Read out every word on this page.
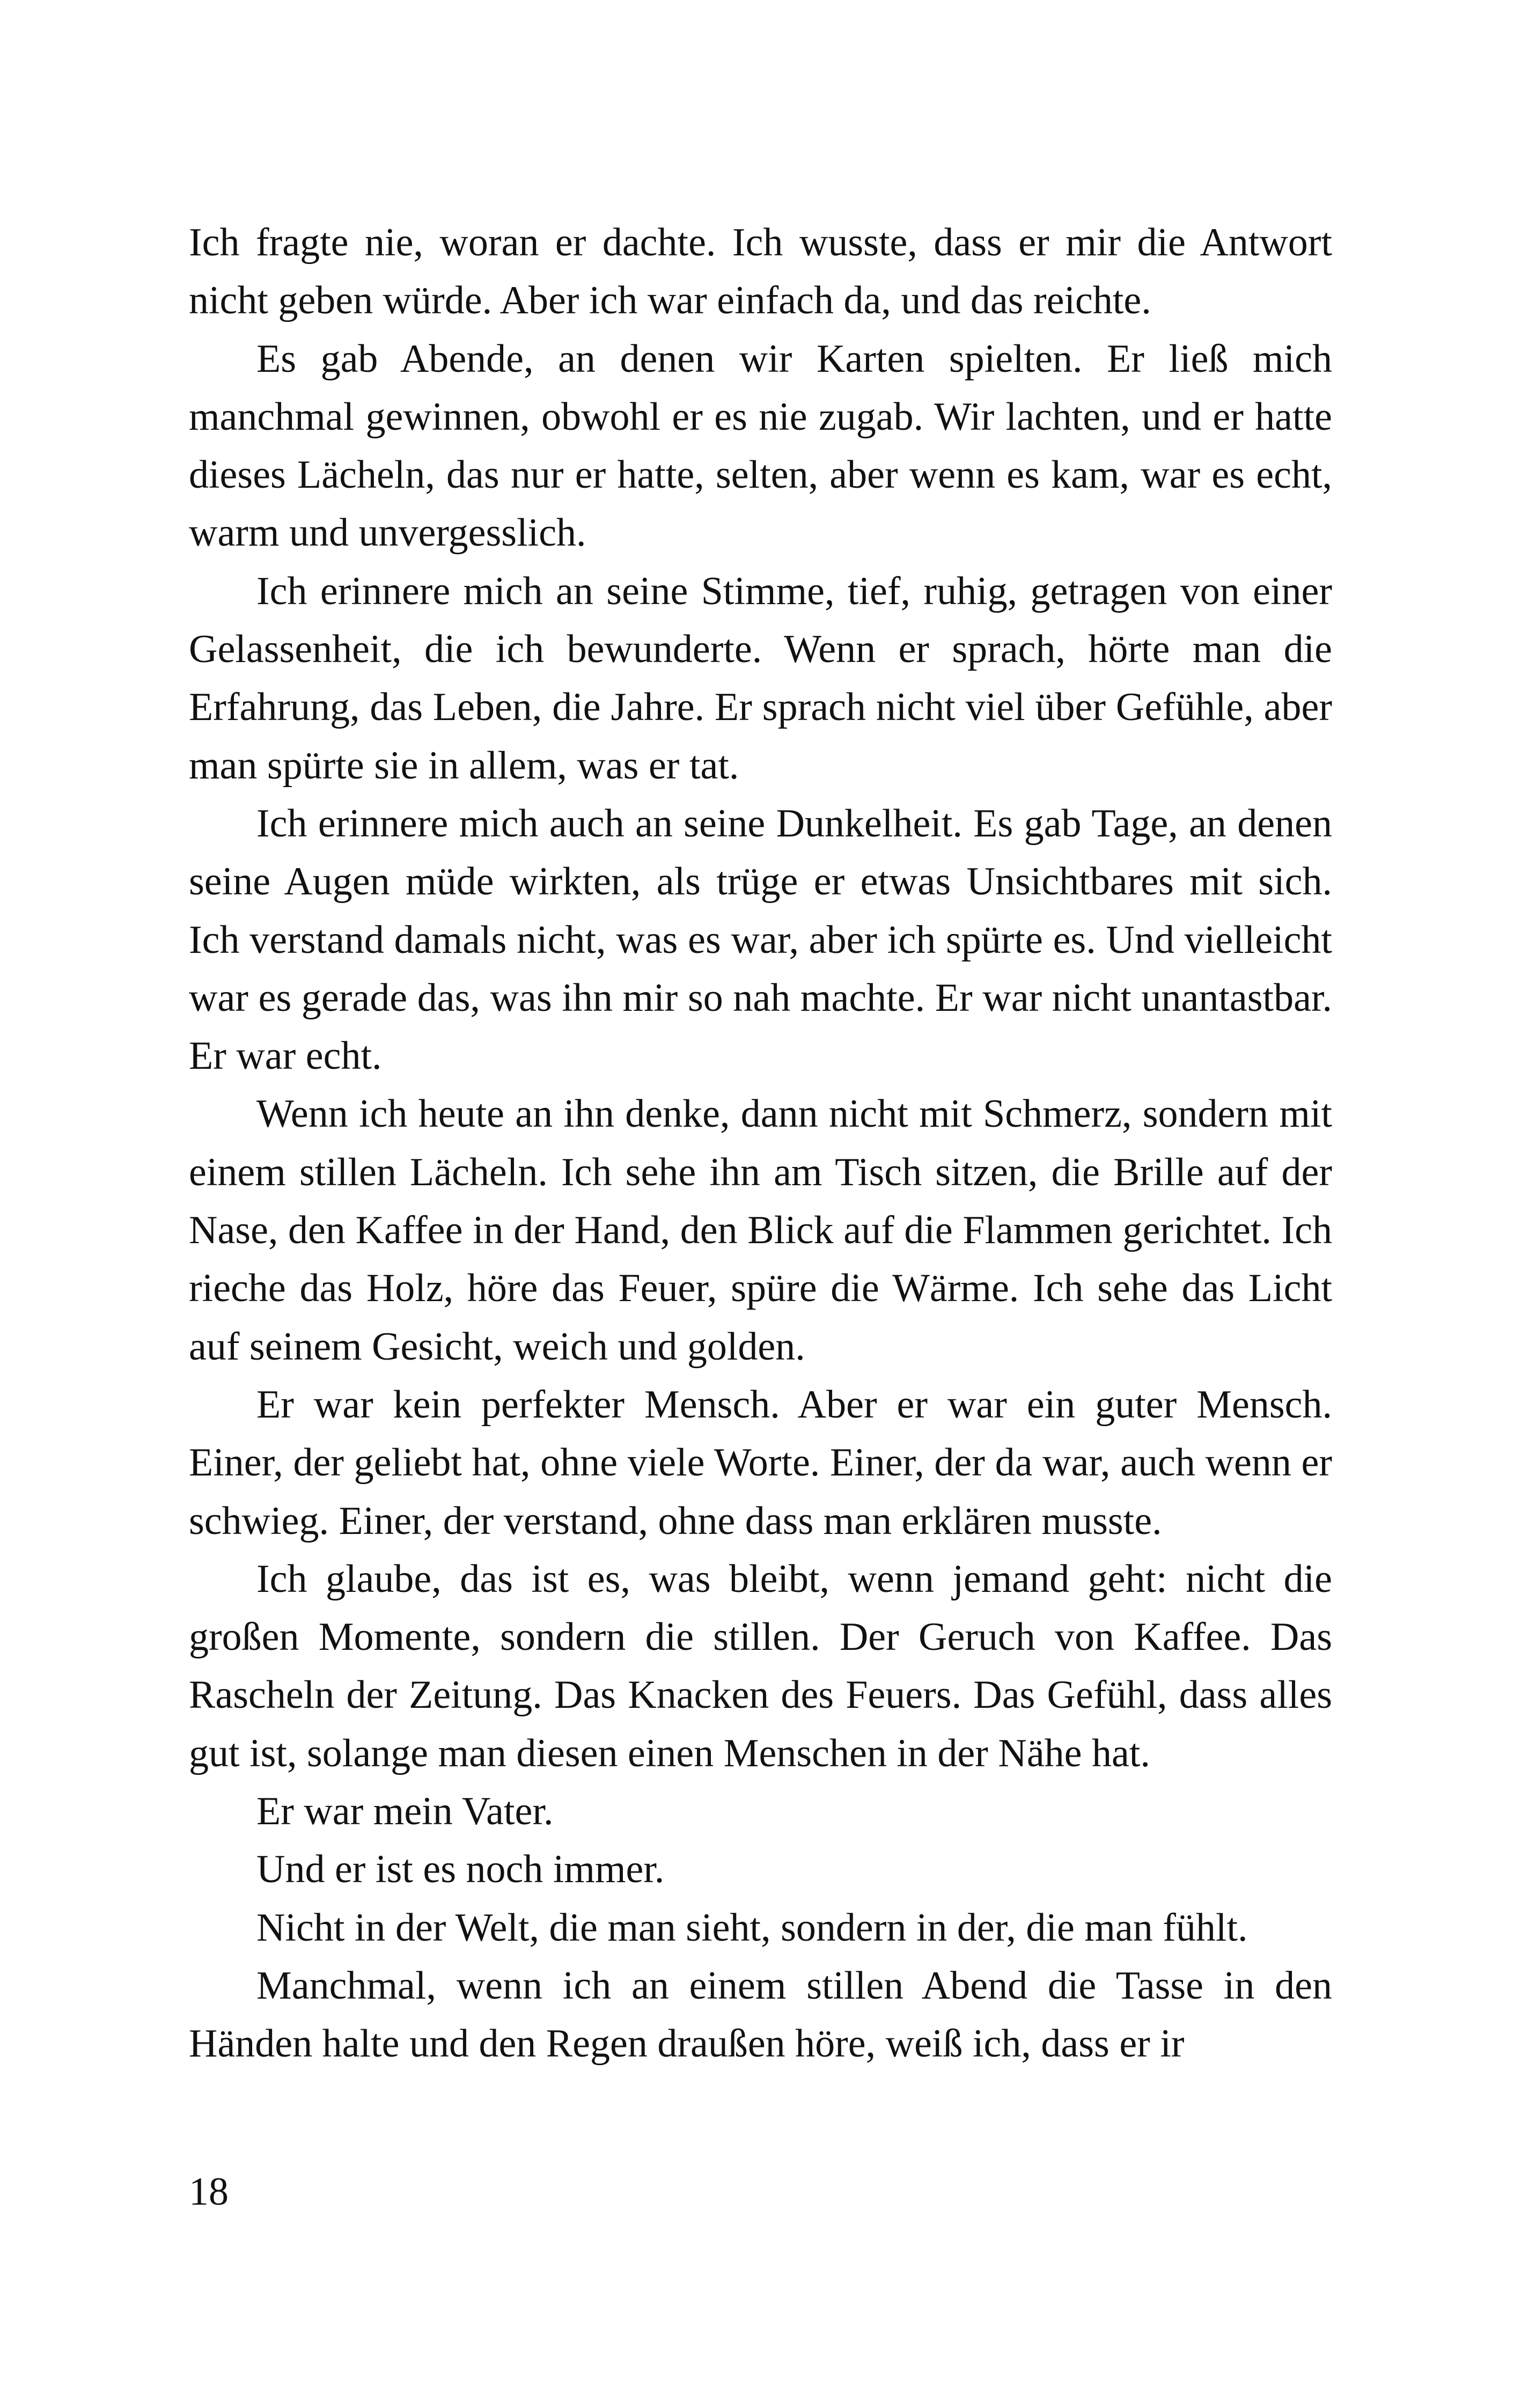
Ich fragte nie, woran er dachte. Ich wusste, dass er mir die Antwort nicht geben würde. Aber ich war einfach da, und das reichte.

Es gab Abende, an denen wir Karten spielten. Er ließ mich manchmal gewinnen, obwohl er es nie zugab. Wir lachten, und er hatte dieses Lächeln, das nur er hatte, selten, aber wenn es kam, war es echt, warm und unvergesslich.

Ich erinnere mich an seine Stimme, tief, ruhig, getragen von einer Gelassenheit, die ich bewunderte. Wenn er sprach, hörte man die Erfahrung, das Leben, die Jahre. Er sprach nicht viel über Gefühle, aber man spürte sie in allem, was er tat.

Ich erinnere mich auch an seine Dunkelheit. Es gab Tage, an denen seine Augen müde wirkten, als trüge er etwas Unsichtbares mit sich. Ich verstand damals nicht, was es war, aber ich spürte es. Und vielleicht war es gerade das, was ihn mir so nah machte. Er war nicht unantastbar. Er war echt.

Wenn ich heute an ihn denke, dann nicht mit Schmerz, sondern mit einem stillen Lächeln. Ich sehe ihn am Tisch sitzen, die Brille auf der Nase, den Kaffee in der Hand, den Blick auf die Flammen gerichtet. Ich rieche das Holz, höre das Feuer, spüre die Wärme. Ich sehe das Licht auf seinem Gesicht, weich und golden.

Er war kein perfekter Mensch. Aber er war ein guter Mensch. Einer, der geliebt hat, ohne viele Worte. Einer, der da war, auch wenn er schwieg. Einer, der verstand, ohne dass man erklären musste.

Ich glaube, das ist es, was bleibt, wenn jemand geht: nicht die großen Momente, sondern die stillen. Der Geruch von Kaffee. Das Rascheln der Zeitung. Das Knacken des Feuers. Das Gefühl, dass alles gut ist, solange man diesen einen Menschen in der Nähe hat.

Er war mein Vater.

Und er ist es noch immer.

Nicht in der Welt, die man sieht, sondern in der, die man fühlt.

Manchmal, wenn ich an einem stillen Abend die Tasse in den Händen halte und den Regen draußen höre, weiß ich, dass er ir

18
